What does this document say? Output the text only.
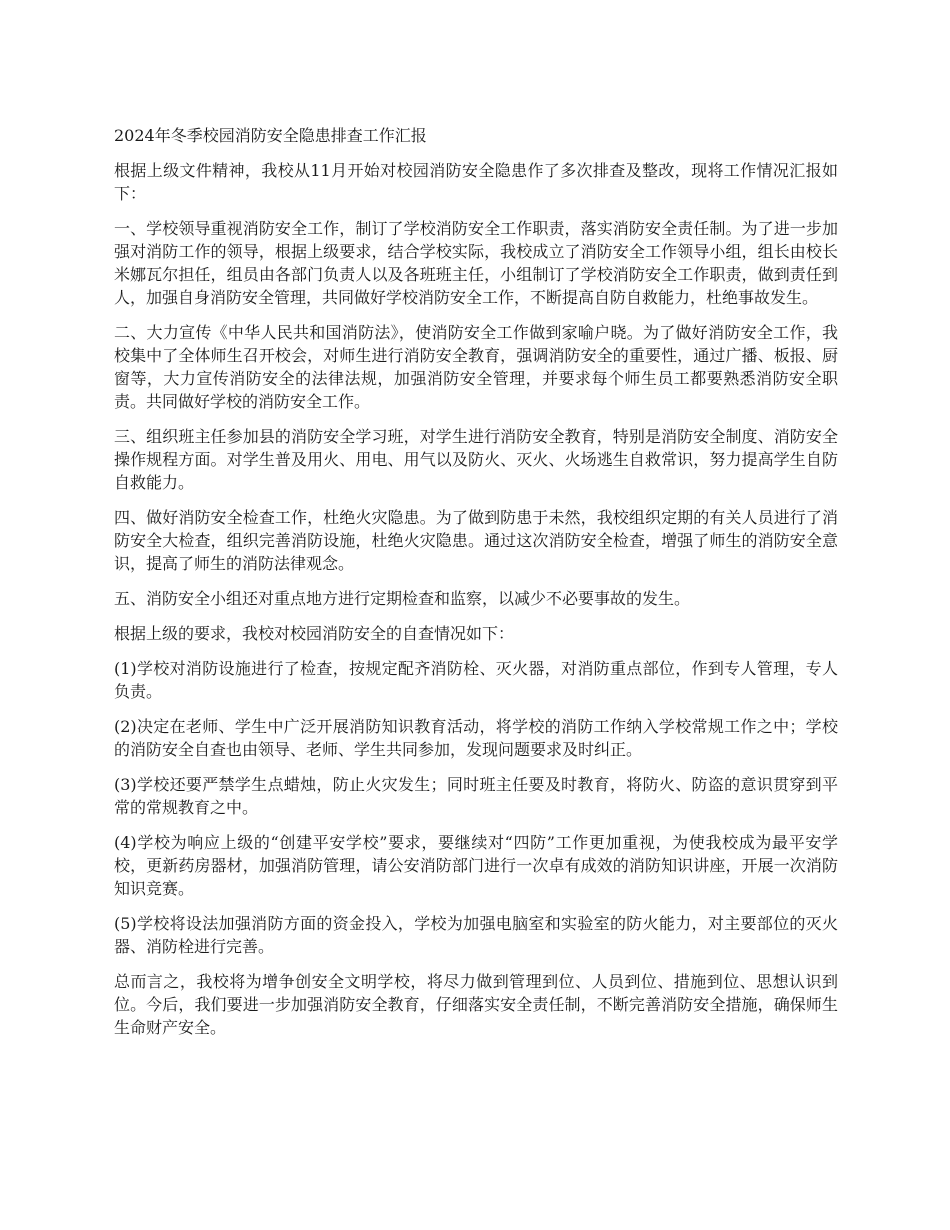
2024年冬季校园消防安全隐患排查工作汇报

根据上级文件精神，我校从11月开始对校园消防安全隐患作了多次排查及整改，现将工作情况汇报如下：

一、学校领导重视消防安全工作，制订了学校消防安全工作职责，落实消防安全责任制。为了进一步加强对消防工作的领导，根据上级要求，结合学校实际，我校成立了消防安全工作领导小组，组长由校长米娜瓦尔担任，组员由各部门负责人以及各班班主任，小组制订了学校消防安全工作职责，做到责任到人，加强自身消防安全管理，共同做好学校消防安全工作，不断提高自防自救能力，杜绝事故发生。

二、大力宣传《中华人民共和国消防法》，使消防安全工作做到家喻户晓。为了做好消防安全工作，我校集中了全体师生召开校会，对师生进行消防安全教育，强调消防安全的重要性，通过广播、板报、厨窗等，大力宣传消防安全的法律法规，加强消防安全管理，并要求每个师生员工都要熟悉消防安全职责。共同做好学校的消防安全工作。

三、组织班主任参加县的消防安全学习班，对学生进行消防安全教育，特别是消防安全制度、消防安全操作规程方面。对学生普及用火、用电、用气以及防火、灭火、火场逃生自救常识，努力提高学生自防自救能力。

四、做好消防安全检查工作，杜绝火灾隐患。为了做到防患于未然，我校组织定期的有关人员进行了消防安全大检查，组织完善消防设施，杜绝火灾隐患。通过这次消防安全检查，增强了师生的消防安全意识，提高了师生的消防法律观念。

五、消防安全小组还对重点地方进行定期检查和监察，以减少不必要事故的发生。

根据上级的要求，我校对校园消防安全的自查情况如下：

(1)学校对消防设施进行了检查，按规定配齐消防栓、灭火器，对消防重点部位，作到专人管理，专人负责。

(2)决定在老师、学生中广泛开展消防知识教育活动，将学校的消防工作纳入学校常规工作之中；学校的消防安全自查也由领导、老师、学生共同参加，发现问题要求及时纠正。

(3)学校还要严禁学生点蜡烛，防止火灾发生；同时班主任要及时教育，将防火、防盗的意识贯穿到平常的常规教育之中。

(4)学校为响应上级的“创建平安学校”要求，要继续对“四防”工作更加重视，为使我校成为最平安学校，更新药房器材，加强消防管理，请公安消防部门进行一次卓有成效的消防知识讲座，开展一次消防知识竞赛。

(5)学校将设法加强消防方面的资金投入，学校为加强电脑室和实验室的防火能力，对主要部位的灭火器、消防栓进行完善。

总而言之，我校将为增争创安全文明学校，将尽力做到管理到位、人员到位、措施到位、思想认识到位。今后，我们要进一步加强消防安全教育，仔细落实安全责任制，不断完善消防安全措施，确保师生生命财产安全。
